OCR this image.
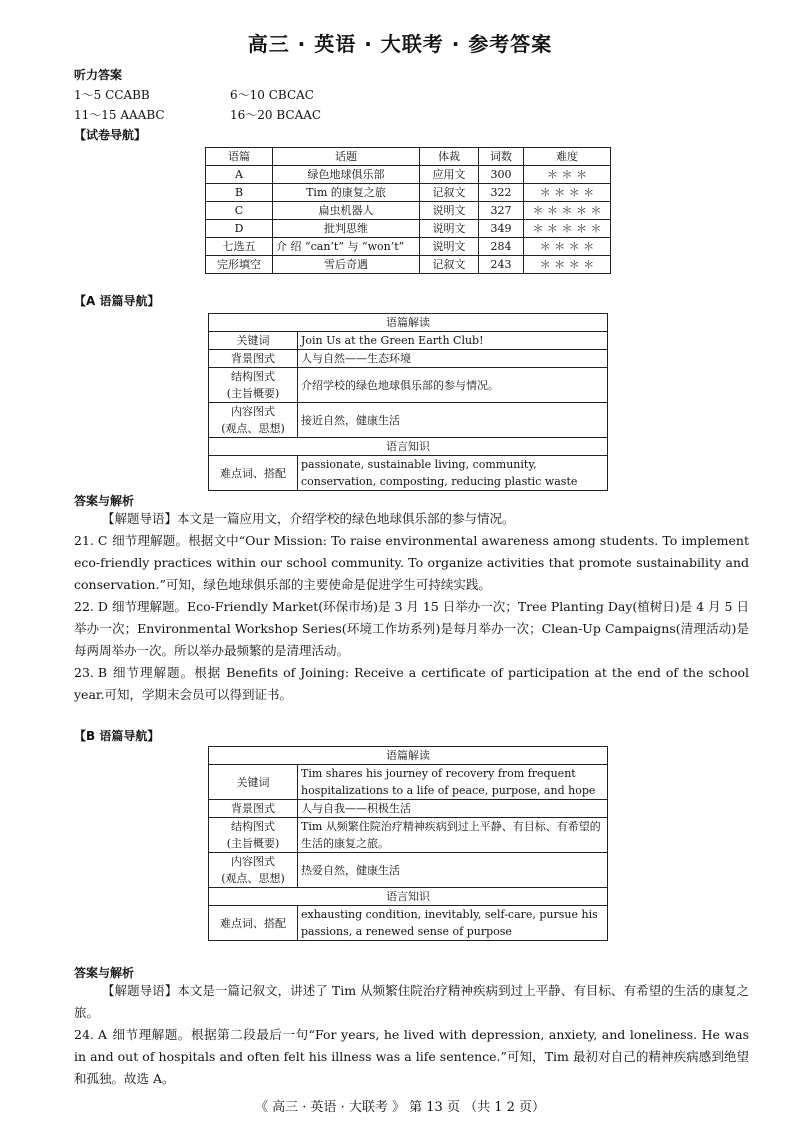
高三 · 英语 · 大联考 · 参考答案
听力答案
1～5 CCABB	6～10 CBCAC
11～15 AAABC	16～20 BCAAC
【试卷导航】
语篇	话题	体裁	词数	难度
A	绿色地球俱乐部	应用文	300	＊ ＊ ＊
B	Tim 的康复之旅	记叙文	322	＊ ＊ ＊ ＊
C	扁虫机器人	说明文	327	＊ ＊ ＊ ＊ ＊
D	批判思维	说明文	349	＊ ＊ ＊ ＊ ＊
七选五	介 绍 “can’t” 与 “won’t”	说明文	284	＊ ＊ ＊ ＊
完形填空	雪后奇遇	记叙文	243	＊ ＊ ＊ ＊
【A 语篇导航】
语篇解读	
关键词	Join Us at the Green Earth Club!
背景图式	人与自然——生态环境
结构图式
(主旨概要)	介绍学校的绿色地球俱乐部的参与情况。
内容图式
(观点、思想)	接近自然，健康生活
语言知识	
难点词、搭配	passionate, sustainable living, community, conservation, composting, reducing plastic waste
答案与解析
【解题导语】本文是一篇应用文，介绍学校的绿色地球俱乐部的参与情况。
21. C 细节理解题。根据文中“Our Mission: To raise environmental awareness among students. To implement eco-friendly practices within our school community. To organize activities that promote sustainability and conservation.”可知，绿色地球俱乐部的主要使命是促进学生可持续实践。
22. D 细节理解题。Eco-Friendly Market(环保市场)是 3 月 15 日举办一次；Tree Planting Day(植树日)是 4 月 5 日举办一次；Environmental Workshop Series(环境工作坊系列)是每月举办一次；Clean-Up Campaigns(清理活动)是每两周举办一次。所以举办最频繁的是清理活动。
23. B 细节理解题。根据 Benefits of Joining: Receive a certificate of participation at the end of the school year.可知，学期末会员可以得到证书。
【B 语篇导航】
语篇解读	
关键词	Tim shares his journey of recovery from frequent hospitalizations to a life of peace, purpose, and hope
背景图式	人与自我——积极生活
结构图式
(主旨概要)	Tim 从频繁住院治疗精神疾病到过上平静、有目标、有希望的生活的康复之旅。
内容图式
(观点、思想)	热爱自然，健康生活
语言知识	
难点词、搭配	exhausting condition, inevitably, self-care, pursue his passions, a renewed sense of purpose
答案与解析
【解题导语】本文是一篇记叙文，讲述了 Tim 从频繁住院治疗精神疾病到过上平静、有目标、有希望的生活的康复之旅。
24. A 细节理解题。根据第二段最后一句“For years, he lived with depression, anxiety, and loneliness. He was in and out of hospitals and often felt his illness was a life sentence.”可知，Tim 最初对自己的精神疾病感到绝望和孤独。故选 A。
《 高三 · 英语 · 大联考 》 第 13 页 （共 1 2 页）
